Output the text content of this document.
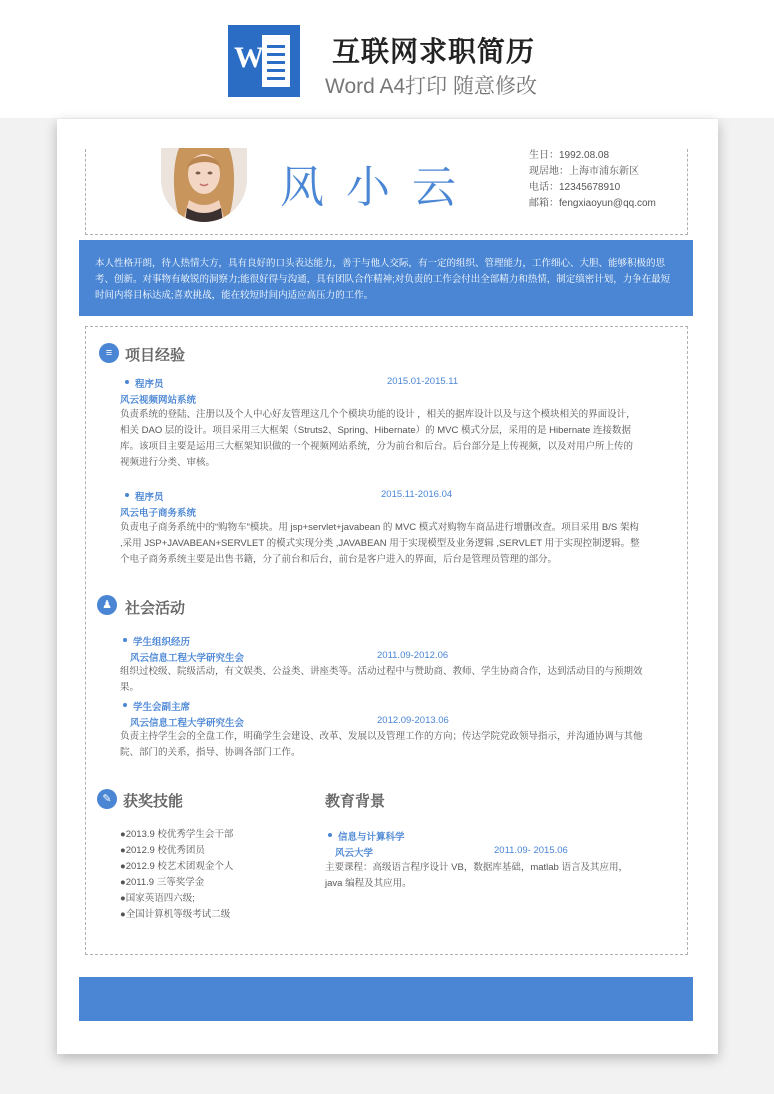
W 互联网求职简历
Word A4打印 随意修改
风小云
生日：1992.08.08
现居地：上海市浦东新区
电话：12345678910
邮箱：fengxiaoyun@qq.com
本人性格开朗，待人热情大方，具有良好的口头表达能力，善于与他人交际，有一定的组织、管理能力，工作细心、大胆、能够积极的思考、创新。对事物有敏锐的洞察力;能很好得与沟通，具有团队合作精神;对负责的工作会付出全部精力和热情，制定缜密计划，力争在最短 时间内将目标达成;喜欢挑战，能在较短时间内适应高压力的工作。

≡ 项目经验
程序员	2015.01-2015.11
风云视频网站系统
负责系统的登陆、注册以及个人中心好友管理这几个个模块功能的设计 ，相关的据库设计以及与这个模块相关的界面设计，相关 DAO 层的设计。项目采用三大框架（Struts2、Spring、Hibernate）的 MVC 模式分层，采用的是 Hibernate 连接数据库。该项目主要是运用三大框架知识做的一个视频网站系统，分为前台和后台。后台部分是上传视频，以及对用户所上传的视频进行分类、审核。
程序员	2015.11-2016.04
风云电子商务系统
负责电子商务系统中的“购物车”模块。用 jsp+servlet+javabean 的 MVC 模式对购物车商品进行增删改查。项目采用 B/S 架构 ,采用 JSP+JAVABEAN+SERVLET 的模式实现分类 ,JAVABEAN 用于实现模型及业务逻辑 ,SERVLET 用于实现控制逻辑。整个电子商务系统主要是出售书籍，分了前台和后台，前台是客户进入的界面，后台是管理员管理的部分。
♟ 社会活动
学生组织经历
风云信息工程大学研究生会	2011.09-2012.06
组织过校级、院级活动，有文娱类、公益类、讲座类等。活动过程中与赞助商、教师、学生协商合作，达到活动目的与预期效果。
学生会副主席
风云信息工程大学研究生会	2012.09-2013.06
负责主持学生会的全盘工作，明确学生会建设、改革、发展以及管理工作的方向；传达学院党政领导指示，并沟通协调与其他院、部门的关系，指导、协调各部门工作。
✎ 获奖技能
●2013.9 校优秀学生会干部
●2012.9 校优秀团员
●2012.9 校艺术团观金个人
●2011.9 三等奖学金
●国家英语四六级;
●全国计算机等级考试二级
教育背景
信息与计算科学
风云大学	2011.09- 2015.06
主要课程：高级语言程序设计 VB，数据库基础，matlab 语言及其应用，java 编程及其应用。
